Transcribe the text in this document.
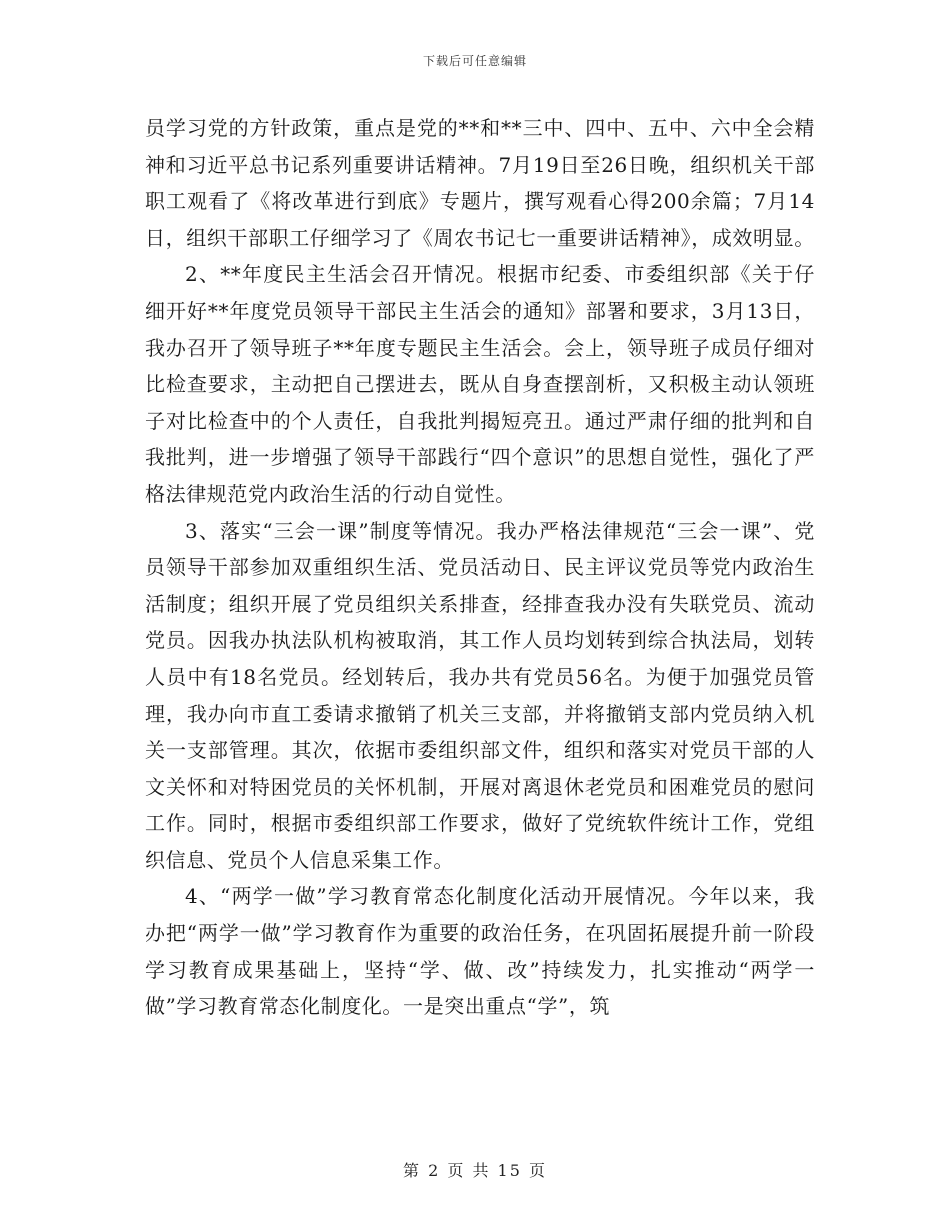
下载后可任意编辑

员学习党的方针政策，重点是党的**和**三中、四中、五中、六中全会精神和习近平总书记系列重要讲话精神。7月19日至26日晚，组织机关干部职工观看了《将改革进行到底》专题片，撰写观看心得200余篇；7月14日，组织干部职工仔细学习了《周农书记七一重要讲话精神》，成效明显。

2、**年度民主生活会召开情况。根据市纪委、市委组织部《关于仔细开好**年度党员领导干部民主生活会的通知》部署和要求，3月13日，我办召开了领导班子**年度专题民主生活会。会上，领导班子成员仔细对比检查要求，主动把自己摆进去，既从自身查摆剖析，又积极主动认领班子对比检查中的个人责任，自我批判揭短亮丑。通过严肃仔细的批判和自我批判，进一步增强了领导干部践行“四个意识”的思想自觉性，强化了严格法律规范党内政治生活的行动自觉性。

3、落实“三会一课”制度等情况。我办严格法律规范“三会一课”、党员领导干部参加双重组织生活、党员活动日、民主评议党员等党内政治生活制度；组织开展了党员组织关系排查，经排查我办没有失联党员、流动党员。因我办执法队机构被取消，其工作人员均划转到综合执法局，划转人员中有18名党员。经划转后，我办共有党员56名。为便于加强党员管理，我办向市直工委请求撤销了机关三支部，并将撤销支部内党员纳入机关一支部管理。其次，依据市委组织部文件，组织和落实对党员干部的人文关怀和对特困党员的关怀机制，开展对离退休老党员和困难党员的慰问工作。同时，根据市委组织部工作要求，做好了党统软件统计工作，党组织信息、党员个人信息采集工作。

4、“两学一做”学习教育常态化制度化活动开展情况。今年以来，我办把“两学一做”学习教育作为重要的政治任务，在巩固拓展提升前一阶段学习教育成果基础上，坚持“学、做、改”持续发力，扎实推动“两学一做”学习教育常态化制度化。一是突出重点“学”，筑

第 2 页 共 15 页
